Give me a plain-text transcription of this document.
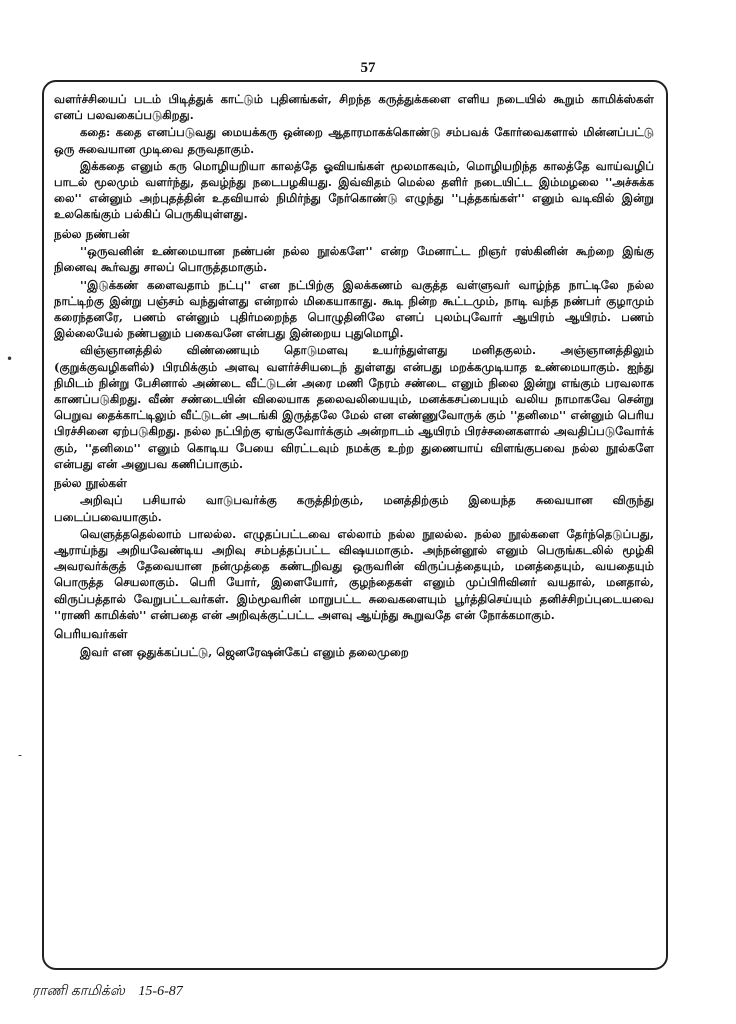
57
•
-

வளர்ச்சியைப் படம் பிடித்துக் காட்டும் புதினங்கள், சிறந்த கருத்துக்களை எளிய நடையில் கூறும் காமிக்ஸ்கள் எனப் பலவகைப்படுகிறது.

கதை: கதை எனப்படுவது மையக்கரு ஒன்றை ஆதாரமாகக்கொண்டு சம்பவக் கோர்வைகளால் மின்னப்பட்டு ஒரு சுவையான முடிவை தருவதாகும்.

இக்கதை எனும் கரு மொழியறியா காலத்தே ஓவியங்கள் மூலமாகவும், மொழியறிந்த காலத்தே வாய்வழிப் பாடல் மூலமும் வளர்ந்து, தவழ்ந்து நடைபழகியது. இவ்விதம் மெல்ல தளிர் நடையிட்ட இம்மழலை ''அச்சுக்க லை'' என்னும் அற்புதத்தின் உதவியால் நிமிர்ந்து நேர்கொண்டு எழுந்து ''புத்தகங்கள்'' எனும் வடிவில் இன்று உலகெங்கும் பல்கிப் பெருகியுள்ளது.

நல்ல நண்பன்

''ஒருவனின் உண்மையான நண்பன் நல்ல நூல்களே'' என்ற மேனாட்ட றிஞர் ரஸ்கினின் கூற்றை இங்கு நினைவு கூர்வது சாலப் பொருத்தமாகும்.

''இடுக்கண் களைவதாம் நட்பு'' என நட்பிற்கு இலக்கணம் வகுத்த வள்ளுவர் வாழ்ந்த நாட்டிலே நல்ல நாட்டிற்கு இன்று பஞ்சம் வந்துள்ளது என்றால் மிகையாகாது. கூடி நின்ற கூட்டமும், நாடி வந்த நண்பர் குழாமும் கரைந்தனரே, பணம் என்னும் புதிர்மறைந்த பொழுதினிலே எனப் புலம்புவோர் ஆயிரம் ஆயிரம். பணம் இல்லையேல் நண்பனும் பகைவனே என்பது இன்றைய புதுமொழி.

விஞ்ஞானத்தில் விண்ணையும் தொடுமளவு உயர்ந்துள்ளது மனிதகுலம். அஞ்ஞானத்திலும் (குறுக்குவழிகளில்) பிரமிக்கும் அளவு வளர்ச்சியடைந் துள்ளது என்பது மறக்கமுடியாத உண்மையாகும். ஐந்து நிமிடம் நின்று பேசினால் அண்டை வீட்டுடன் அரை மணி நேரம் சண்டை எனும் நிலை இன்று எங்கும் பரவலாக காணப்படுகிறது. வீண் சண்டையின் விலையாக தலைவலியையும், மனக்கசப்பையும் வலிய நாமாகவே சென்று பெறுவ தைக்காட்டிலும் வீட்டுடன் அடங்கி இருத்தலே மேல் என எண்ணுவோருக் கும் ''தனிமை'' என்னும் பெரிய பிரச்சினை ஏற்படுகிறது. நல்ல நட்பிற்கு ஏங்குவோர்க்கும் அன்றாடம் ஆயிரம் பிரச்சனைகளால் அவதிப்படுவோர்க் கும், ''தனிமை'' எனும் கொடிய பேயை விரட்டவும் நமக்கு உற்ற துணையாய் விளங்குபவை நல்ல நூல்களே என்பது என் அனுபவ கணிப்பாகும்.

நல்ல நூல்கள்

அறிவுப் பசியால் வாடுபவர்க்கு கருத்திற்கும், மனத்திற்கும் இயைந்த சுவையான விருந்து படைப்பவையாகும்.

வெளுத்ததெல்லாம் பாலல்ல. எழுதப்பட்டவை எல்லாம் நல்ல நூலல்ல. நல்ல நூல்களை தேர்ந்தெடுப்பது, ஆராய்ந்து அறியவேண்டிய அறிவு சம்பத்தப்பட்ட விஷயமாகும். அந்நன்னூல் எனும் பெருங்கடலில் மூழ்கி அவரவர்க்குத் தேவையான நன்முத்தை கண்டறிவது ஒருவரின் விருப்பத்தையும், மனத்தையும், வயதையும் பொருத்த செயலாகும். பெரி யோர், இளையோர், குழந்தைகள் எனும் முப்பிரிவினர் வயதால், மனதால், விருப்பத்தால் வேறுபட்டவர்கள். இம்மூவரின் மாறுபட்ட சுவைகளையும் பூர்த்திசெய்யும் தனிச்சிறப்புடையவை ''ராணி காமிக்ஸ்'' என்பதை என் அறிவுக்குட்பட்ட அளவு ஆய்ந்து கூறுவதே என் நோக்கமாகும்.

பெரியவர்கள்

இவர் என ஒதுக்கப்பட்டு, ஜெனரேஷன்கேப் எனும் தலைமுறை

ராணி காமிக்ஸ் 15-6-87
